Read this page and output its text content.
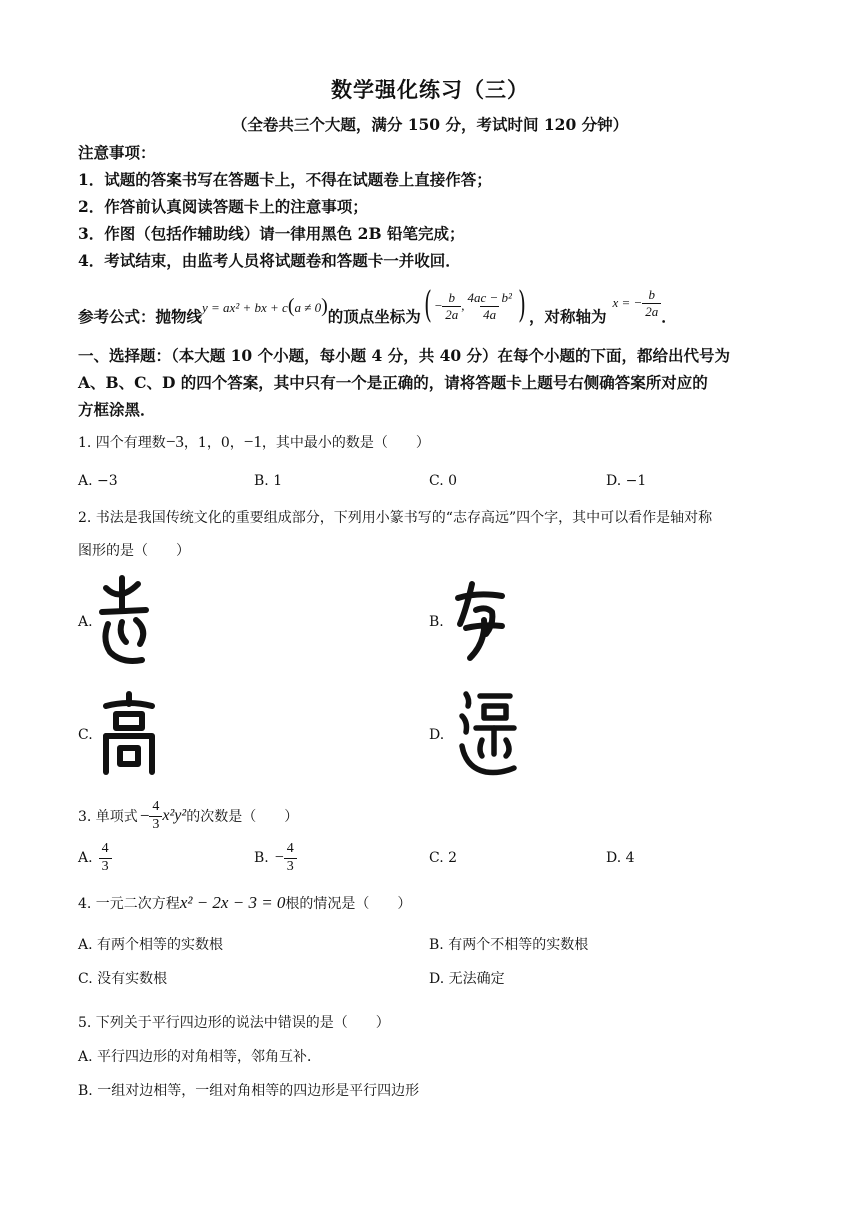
数学强化练习（三）
（全卷共三个大题，满分 150 分，考试时间 120 分钟）
注意事项：
1．试题的答案书写在答题卡上，不得在试题卷上直接作答；
2．作答前认真阅读答题卡上的注意事项；
3．作图（包括作辅助线）请一律用黑色 2B 铅笔完成；
4．考试结束，由监考人员将试题卷和答题卡一并收回．
参考公式：抛物线 y = ax² + bx + c(a ≠ 0) 的顶点坐标为 ( − $\frac{b}{2a}$ , $\frac{\text{4ac − b²}}{4a}$ ) ，对称轴为
x = − $\frac{b}{2a}$ ．
一、选择题：（本大题 10 个小题，每小题 4 分，共 40 分）在每个小题的下面，都给出代号为
A、B、C、D 的四个答案，其中只有一个是正确的，请将答题卡上题号右侧确答案所对应的
方框涂黑．
1. 四个有理数−3，1，0，−1，其中最小的数是（　　）
A. −3	B. 1	C. 0	D. −1
2. 书法是我国传统文化的重要组成部分，下列用小篆书写的“志存高远”四个字，其中可以看作是轴对称
图形的是（　　）
A.	B.
C.	D.
3. 单项式 − $\frac{4}{3} x^2y^2$ 的次数是（　　）
A. $\frac{4}{3}$	B. − $\frac{4}{3}$	C. 2	D. 4
4. 一元二次方程x² − 2x − 3 = 0根的情况是（　　）
A. 有两个相等的实数根	B. 有两个不相等的实数根
C. 没有实数根	D. 无法确定
5. 下列关于平行四边形的说法中错误的是（　　）
A. 平行四边形的对角相等，邻角互补．
B. 一组对边相等，一组对角相等的四边形是平行四边形
